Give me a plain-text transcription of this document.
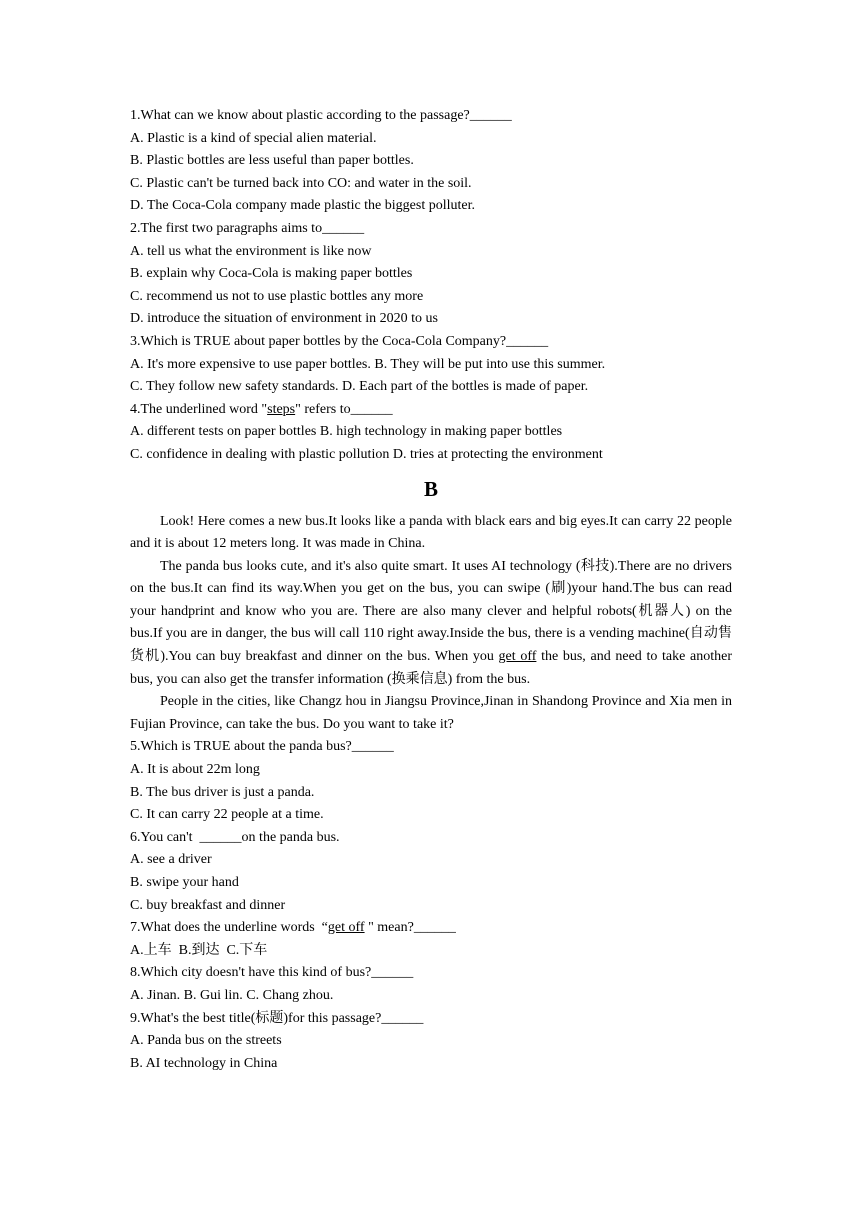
1.What can we know about plastic according to the passage?______
A. Plastic is a kind of special alien material.
B. Plastic bottles are less useful than paper bottles.
C. Plastic can't be turned back into CO: and water in the soil.
D. The Coca-Cola company made plastic the biggest polluter.
2.The first two paragraphs aims to______
A. tell us what the environment is like now
B. explain why Coca-Cola is making paper bottles
C. recommend us not to use plastic bottles any more
D. introduce the situation of environment in 2020 to us
3.Which is TRUE about paper bottles by the Coca-Cola Company?______
A. It's more expensive to use paper bottles. B. They will be put into use this summer.
C. They follow new safety standards. D. Each part of the bottles is made of paper.
4.The underlined word "steps" refers to______
A. different tests on paper bottles B. high technology in making paper bottles
C. confidence in dealing with plastic pollution D. tries at protecting the environment
B
Look! Here comes a new bus.It looks like a panda with black ears and big eyes.It can carry 22 people and it is about 12 meters long. It was made in China.
The panda bus looks cute, and it's also quite smart. It uses AI technology (科技).There are no drivers on the bus.It can find its way.When you get on the bus, you can swipe (刷)your hand.The bus can read your handprint and know who you are. There are also many clever and helpful robots(机器人) on the bus.If you are in danger, the bus will call 110 right away.Inside the bus, there is a vending machine(自动售货机).You can buy breakfast and dinner on the bus. When you get off the bus, and need to take another bus, you can also get the transfer information (换乘信息) from the bus.
People in the cities, like Changz hou in Jiangsu Province,Jinan in Shandong Province and Xia men in Fujian Province, can take the bus. Do you want to take it?
5.Which is TRUE about the panda bus?______
A. It is about 22m long
B. The bus driver is just a panda.
C. It can carry 22 people at a time.
6.You can't  ______on the panda bus.
A. see a driver
B. swipe your hand
C. buy breakfast and dinner
7.What does the underline words  “get off " mean?______
A.上车  B.到达  C.下车
8.Which city doesn't have this kind of bus?______
A. Jinan. B. Gui lin. C. Chang zhou.
9.What's the best title(标题)for this passage?______
A. Panda bus on the streets
B. AI technology in China
